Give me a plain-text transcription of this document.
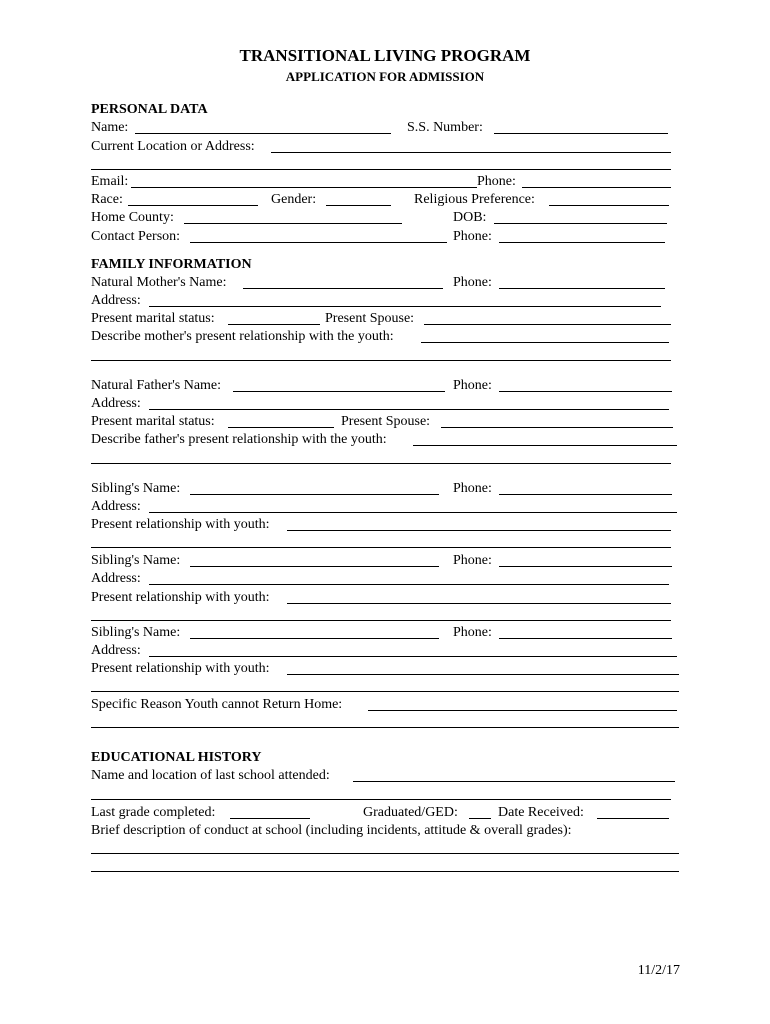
TRANSITIONAL LIVING PROGRAM
APPLICATION FOR ADMISSION
PERSONAL DATA
Name:	S.S. Number:
Current Location or Address:
Email:	Phone:
Race:	Gender:	Religious Preference:
Home County:	DOB:
Contact Person:	Phone:
FAMILY INFORMATION
Natural Mother's Name:	Phone:
Address:
Present marital status:	Present Spouse:
Describe mother's present relationship with the youth:
Natural Father's Name:	Phone:
Address:
Present marital status:	Present Spouse:
Describe father's present relationship with the youth:
Sibling's Name:	Phone:
Address:
Present relationship with youth:
Sibling's Name:	Phone:
Address:
Present relationship with youth:
Sibling's Name:	Phone:
Address:
Present relationship with youth:
Specific Reason Youth cannot Return Home:
EDUCATIONAL HISTORY
Name and location of last school attended:
Last grade completed:	Graduated/GED:	Date Received:
Brief description of conduct at school (including incidents, attitude & overall grades):
11/2/17
